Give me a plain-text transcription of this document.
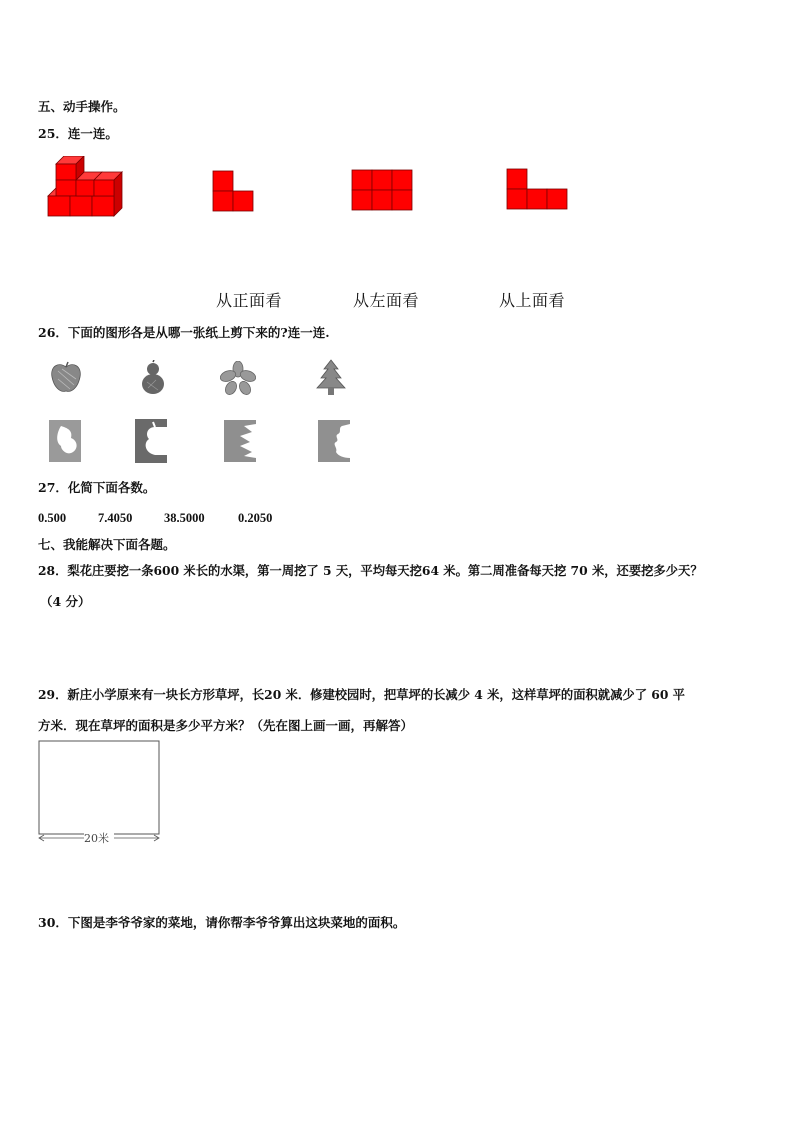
五、动手操作。
25．连一连。
从正面看	从左面看	从上面看
26．下面的图形各是从哪一张纸上剪下来的?连一连.
27．化简下面各数。
0.500	7.4050	38.5000	0.2050
七、我能解决下面各题。
28．梨花庄要挖一条600 米长的水渠，第一周挖了 5 天，平均每天挖64 米。第二周准备每天挖 70 米，还要挖多少天？
（4 分）
29．新庄小学原来有一块长方形草坪，长20 米．修建校园时，把草坪的长减少 4 米，这样草坪的面积就减少了 60 平
方米．现在草坪的面积是多少平方米？（先在图上画一画，再解答）
20米
30．下图是李爷爷家的菜地，请你帮李爷爷算出这块菜地的面积。
